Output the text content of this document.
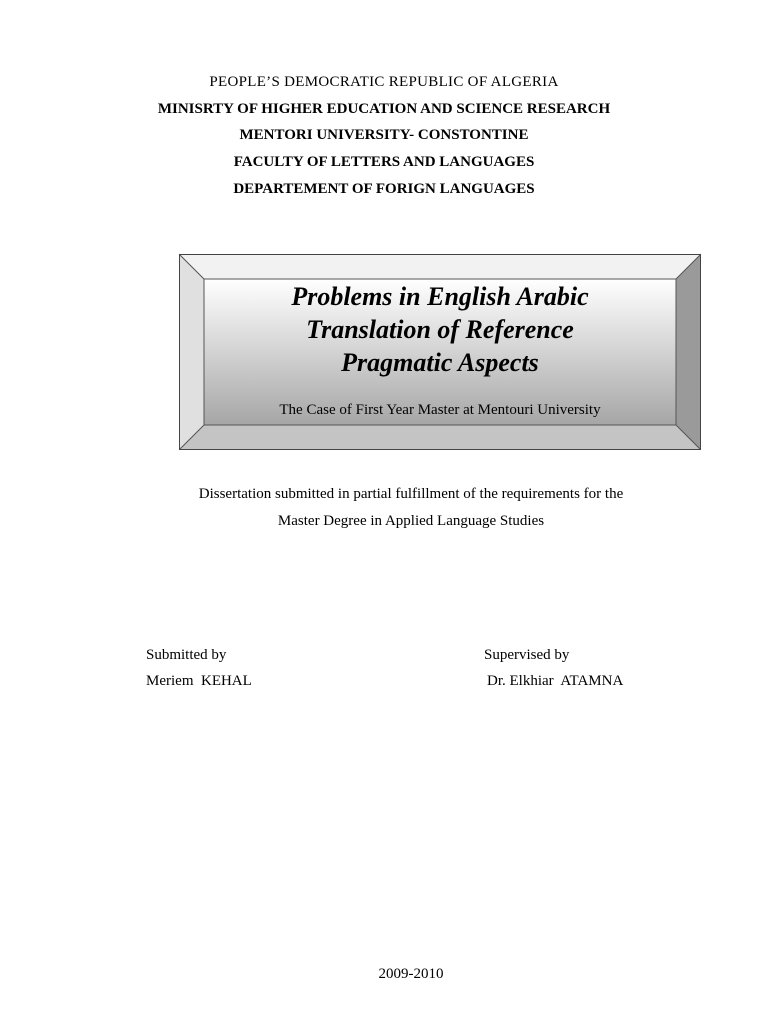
PEOPLE’S DEMOCRATIC REPUBLIC OF ALGERIA
MINISRTY OF HIGHER EDUCATION AND SCIENCE RESEARCH
MENTORI UNIVERSITY- CONSTONTINE
FACULTY OF LETTERS AND LANGUAGES
DEPARTEMENT OF FORIGN LANGUAGES
Problems in English Arabic
Translation of Reference
Pragmatic Aspects
The Case of First Year Master at Mentouri University
Dissertation submitted in partial fulfillment of the requirements for the
Master Degree in Applied Language Studies
Submitted by
Meriem  KEHAL
Supervised by
Dr. Elkhiar  ATAMNA
2009-2010
